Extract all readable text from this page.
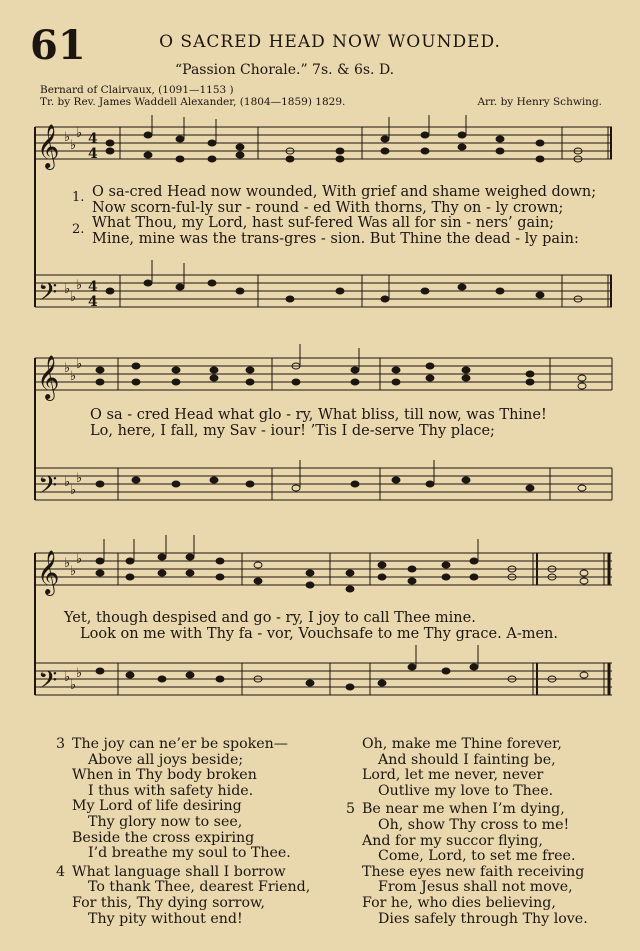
61	O SACRED HEAD NOW WOUNDED.
“Passion Chorale.” 7s. & 6s. D.
Bernard of Clairvaux, (1091—1153 )
Tr. by Rev. James Waddell Alexander, (1804—1859) 1829.	Arr. by Henry Schwing.
𝄞
𝄢
♭
♭
♭
♭
♭
♭
4
4
4
4
1. O sa-cred Head now wounded, With grief and shame weighed down;
Now scorn-ful-ly sur - round - ed With thorns, Thy on - ly crown;
2. What Thou, my Lord, hast suf-fered Was all for sin - ners’ gain;
Mine, mine was the trans-gres - sion. But Thine the dead - ly pain:
𝄞
𝄢
♭
♭
♭
♭
♭
♭
O sa - cred Head what glo - ry, What bliss, till now, was Thine!
Lo, here, I fall, my Sav - iour! ’Tis I de-serve Thy place;
𝄞
𝄢
♭
♭
♭
♭
♭
♭
Yet, though despised and go - ry, I joy to call Thee mine.
Look on me with Thy fa - vor, Vouchsafe to me Thy grace. A-men.
3 The joy can ne’er be spoken—
Above all joys beside;
When in Thy body broken
I thus with safety hide.
My Lord of life desiring
Thy glory now to see,
Beside the cross expiring
I’d breathe my soul to Thee.
4 What language shall I borrow
To thank Thee, dearest Friend,
For this, Thy dying sorrow,
Thy pity without end!
Oh, make me Thine forever,
And should I fainting be,
Lord, let me never, never
Outlive my love to Thee.
5 Be near me when I’m dying,
Oh, show Thy cross to me!
And for my succor flying,
Come, Lord, to set me free.
These eyes new faith receiving
From Jesus shall not move,
For he, who dies believing,
Dies safely through Thy love.
